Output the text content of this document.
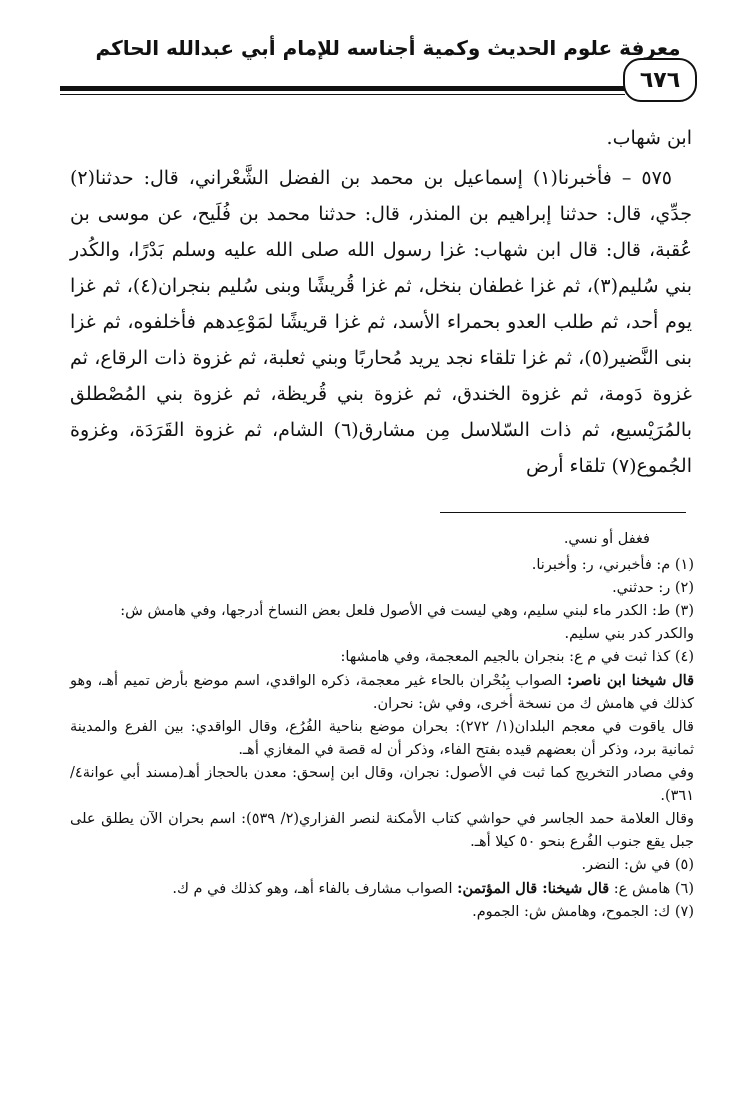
معرفة علوم الحديث وكمية أجناسه للإمام أبي عبدالله الحاكم
٦٧٦

ابن شهاب.

٥٧٥ – فأخبرنا(١) إسماعيل بن محمد بن الفضل الشَّعْراني، قال: حدثنا(٢) جدِّي، قال: حدثنا إبراهيم بن المنذر، قال: حدثنا محمد بن فُلَيح، عن موسى بن عُقبة، قال: قال ابن شهاب: غزا رسول الله صلى الله عليه وسلم بَدْرًا، والكُدر بني سُليم(٣)، ثم غزا غطفان بنخل، ثم غزا قُريشًا وبنى سُليم بنجران(٤)، ثم غزا يوم أحد، ثم طلب العدو بحمراء الأسد، ثم غزا قريشًا لمَوْعِدهم فأخلفوه، ثم غزا بنى النَّضير(٥)، ثم غزا تلقاء نجد يريد مُحاربًا وبني ثعلبة، ثم غزوة ذات الرقاع، ثم غزوة دَومة، ثم غزوة الخندق، ثم غزوة بني قُريظة، ثم غزوة بني المُصْطلق بالمُرَيْسيع، ثم ذات السّلاسل مِن مشارق(٦) الشام، ثم غزوة القَرَدَة، وغزوة الجُموع(٧) تلقاء أرض

فغفل أو نسي.

(١) م: فأخبرني، ر: وأخبرنا.

(٢) ر: حدثني.

(٣) ط: الكدر ماء لبني سليم، وهي ليست في الأصول فلعل بعض النساخ أدرجها، وفي هامش ش:

والكدر كدر بني سليم.

(٤) كذا ثبت في م ع: بنجران بالجيم المعجمة، وفي هامشها:

قال شيخنا ابن ناصر: الصواب بِبُحْران بالحاء غير معجمة، ذكره الواقدي، اسم موضع بأرض تميم أهـ، وهو كذلك في هامش ك من نسخة أخرى، وفي ش: نحران.

قال ياقوت في معجم البلدان(١/ ٢٧٢): بحران موضع بناحية الفُرُع، وقال الواقدي: بين الفرع والمدينة ثمانية برد، وذكر أن بعضهم قيده بفتح الفاء، وذكر أن له قصة في المغازي أهـ.

وفي مصادر التخريج كما ثبت في الأصول: نجران، وقال ابن إسحق: معدن بالحجاز أهـ(مسند أبي عوانة٤/ ٣٦١).

وقال العلامة حمد الجاسر في حواشي كتاب الأمكنة لنصر الفزاري(٢/ ٥٣٩): اسم بحران الآن يطلق على جبل يقع جنوب الفُرع بنحو ٥٠ كيلا أهـ.

(٥) في ش: النضر.

(٦) هامش ع: قال شيخنا: قال المؤتمن: الصواب مشارف بالفاء أهـ، وهو كذلك في م ك.

(٧) ك: الجموح، وهامش ش: الجموم.
